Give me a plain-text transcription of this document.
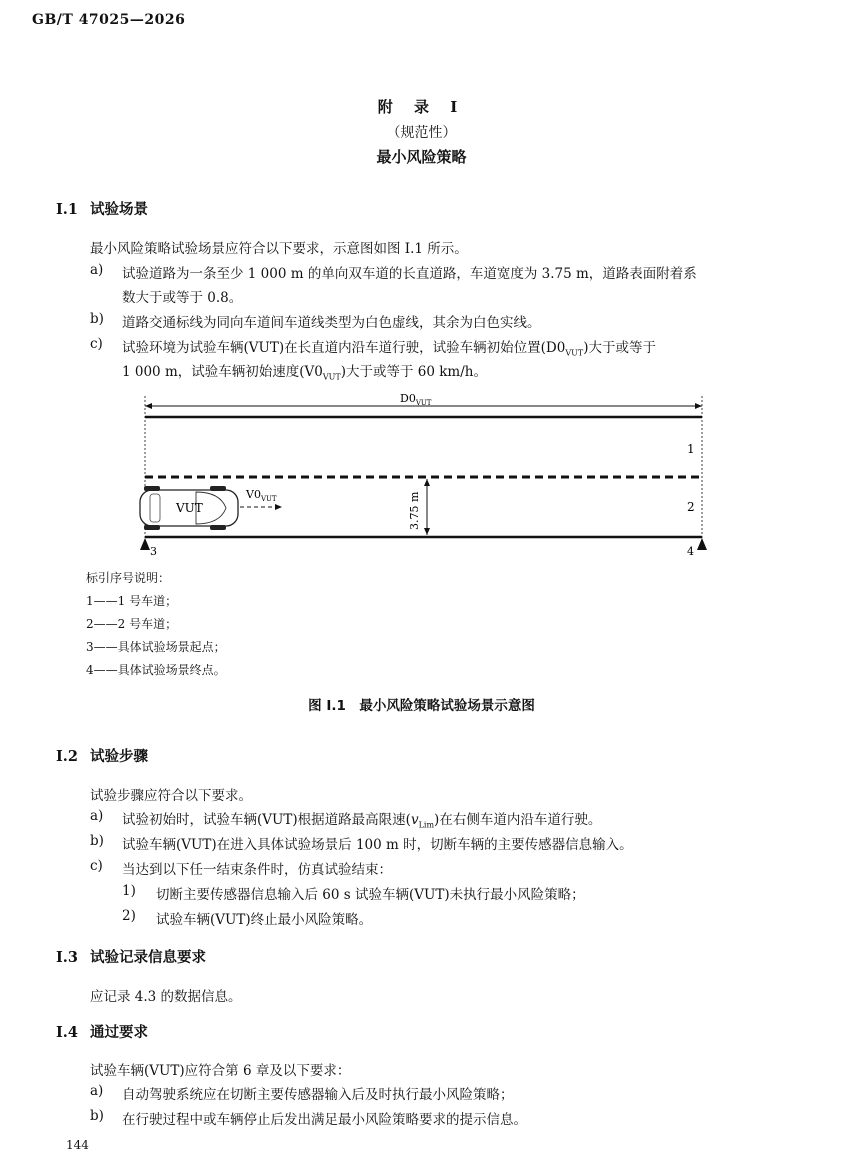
GB/T 47025—2026
附 录 I
（规范性）
最小风险策略
I.1 试验场景
最小风险策略试验场景应符合以下要求，示意图如图 I.1 所示。
a)	试验道路为一条至少 1 000 m 的单向双车道的长直道路，车道宽度为 3.75 m，道路表面附着系
数大于或等于 0.8。
b)	道路交通标线为同向车道间车道线类型为白色虚线，其余为白色实线。
c)	试验环境为试验车辆(VUT)在长直道内沿车道行驶，试验车辆初始位置$(D0_{VUT})$大于或等于
1 000 m，试验车辆初始速度$(V0_{VUT})$大于或等于 60 km/h。
$D0_{VUT}$
3.75 m
1
2
VUT
$V0_{VUT}$
3	4
标引序号说明：
1——1 号车道；
2——2 号车道；
3——具体试验场景起点；
4——具体试验场景终点。
图 I.1　最小风险策略试验场景示意图
I.2 试验步骤
试验步骤应符合以下要求。
a)	试验初始时，试验车辆(VUT)根据道路最高限速$(v_{Lim})$在右侧车道内沿车道行驶。
b)	试验车辆(VUT)在进入具体试验场景后 100 m 时，切断车辆的主要传感器信息输入。
c)	当达到以下任一结束条件时，仿真试验结束：
1) 切断主要传感器信息输入后 60 s 试验车辆(VUT)未执行最小风险策略；
2) 试验车辆(VUT)终止最小风险策略。
I.3 试验记录信息要求
应记录 4.3 的数据信息。
I.4 通过要求
试验车辆(VUT)应符合第 6 章及以下要求：
a)	自动驾驶系统应在切断主要传感器输入后及时执行最小风险策略；
b)	在行驶过程中或车辆停止后发出满足最小风险策略要求的提示信息。
144
